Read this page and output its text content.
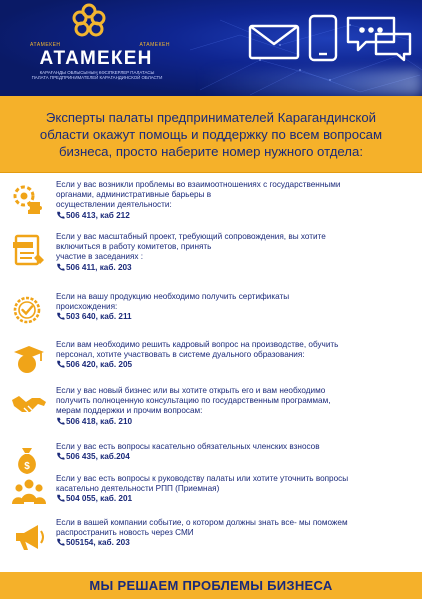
АТАМЕКЕН	АТАМЕКЕН
АТАМЕКЕН
КАРАҒАНДЫ ОБЛЫСЫНЫҢ КӘСІПКЕРЛЕР ПАЛАТАСЫ
ПАЛАТА ПРЕДПРИНИМАТЕЛЕЙ КАРАГАНДИНСКОЙ ОБЛАСТИ
Эксперты палаты предпринимателей Карагандинской области окажут помощь и поддержку по всем вопросам бизнеса, просто наберите номер нужного отдела:
Если у вас возникли проблемы во взаимоотношениях с государственными
органами, административные барьеры в
осуществлении деятельности:
506 413, каб 212
Если у вас масштабный проект, требующий сопровождения, вы хотите
включиться в работу комитетов, принять
участие в заседаниях :
506 411, каб. 203
Если на вашу продукцию необходимо получить сертификаты
происхождения:
503 640, каб. 211
Если вам необходимо решить кадровый вопрос на производстве, обучить
персонал, хотите участвовать в системе дуального образования:
506 420, каб. 205
Если у вас новый бизнес или вы хотите открыть его и вам необходимо
получить полноценную консультацию по государственным программам,
мерам поддержки и прочим вопросам:
506 418, каб. 210
$
Если у вас есть вопросы касательно обязательных членских взносов
506 435, каб.204
Если у вас есть вопросы к руководству палаты или хотите уточнить вопросы
касательно деятельности РПП (Приемная)
504 055, каб. 201
Если в вашей компании событие, о котором должны знать все- мы поможем
распространить новость через СМИ
505154, каб. 203
МЫ РЕШАЕМ ПРОБЛЕМЫ БИЗНЕСА
